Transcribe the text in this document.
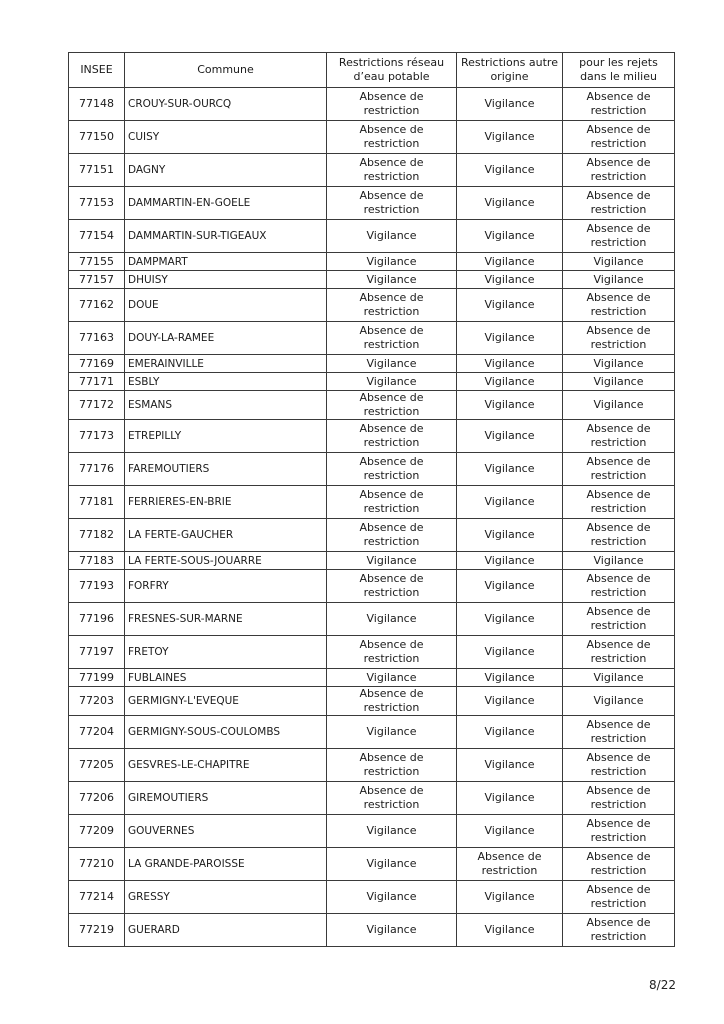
INSEE	Commune	Restrictions réseau d’eau potable	Restrictions autre origine	pour les rejets dans le milieu
77148	CROUY-SUR-OURCQ	Absence de restriction	Vigilance	Absence de restriction
77150	CUISY	Absence de restriction	Vigilance	Absence de restriction
77151	DAGNY	Absence de restriction	Vigilance	Absence de restriction
77153	DAMMARTIN-EN-GOELE	Absence de restriction	Vigilance	Absence de restriction
77154	DAMMARTIN-SUR-TIGEAUX	Vigilance	Vigilance	Absence de restriction
77155	DAMPMART	Vigilance	Vigilance	Vigilance
77157	DHUISY	Vigilance	Vigilance	Vigilance
77162	DOUE	Absence de restriction	Vigilance	Absence de restriction
77163	DOUY-LA-RAMEE	Absence de restriction	Vigilance	Absence de restriction
77169	EMERAINVILLE	Vigilance	Vigilance	Vigilance
77171	ESBLY	Vigilance	Vigilance	Vigilance
77172	ESMANS	Absence de restriction	Vigilance	Vigilance
77173	ETREPILLY	Absence de restriction	Vigilance	Absence de restriction
77176	FAREMOUTIERS	Absence de restriction	Vigilance	Absence de restriction
77181	FERRIERES-EN-BRIE	Absence de restriction	Vigilance	Absence de restriction
77182	LA FERTE-GAUCHER	Absence de restriction	Vigilance	Absence de restriction
77183	LA FERTE-SOUS-JOUARRE	Vigilance	Vigilance	Vigilance
77193	FORFRY	Absence de restriction	Vigilance	Absence de restriction
77196	FRESNES-SUR-MARNE	Vigilance	Vigilance	Absence de restriction
77197	FRETOY	Absence de restriction	Vigilance	Absence de restriction
77199	FUBLAINES	Vigilance	Vigilance	Vigilance
77203	GERMIGNY-L'EVEQUE	Absence de restriction	Vigilance	Vigilance
77204	GERMIGNY-SOUS-COULOMBS	Vigilance	Vigilance	Absence de restriction
77205	GESVRES-LE-CHAPITRE	Absence de restriction	Vigilance	Absence de restriction
77206	GIREMOUTIERS	Absence de restriction	Vigilance	Absence de restriction
77209	GOUVERNES	Vigilance	Vigilance	Absence de restriction
77210	LA GRANDE-PAROISSE	Vigilance	Absence de restriction	Absence de restriction
77214	GRESSY	Vigilance	Vigilance	Absence de restriction
77219	GUERARD	Vigilance	Vigilance	Absence de restriction
8/22
